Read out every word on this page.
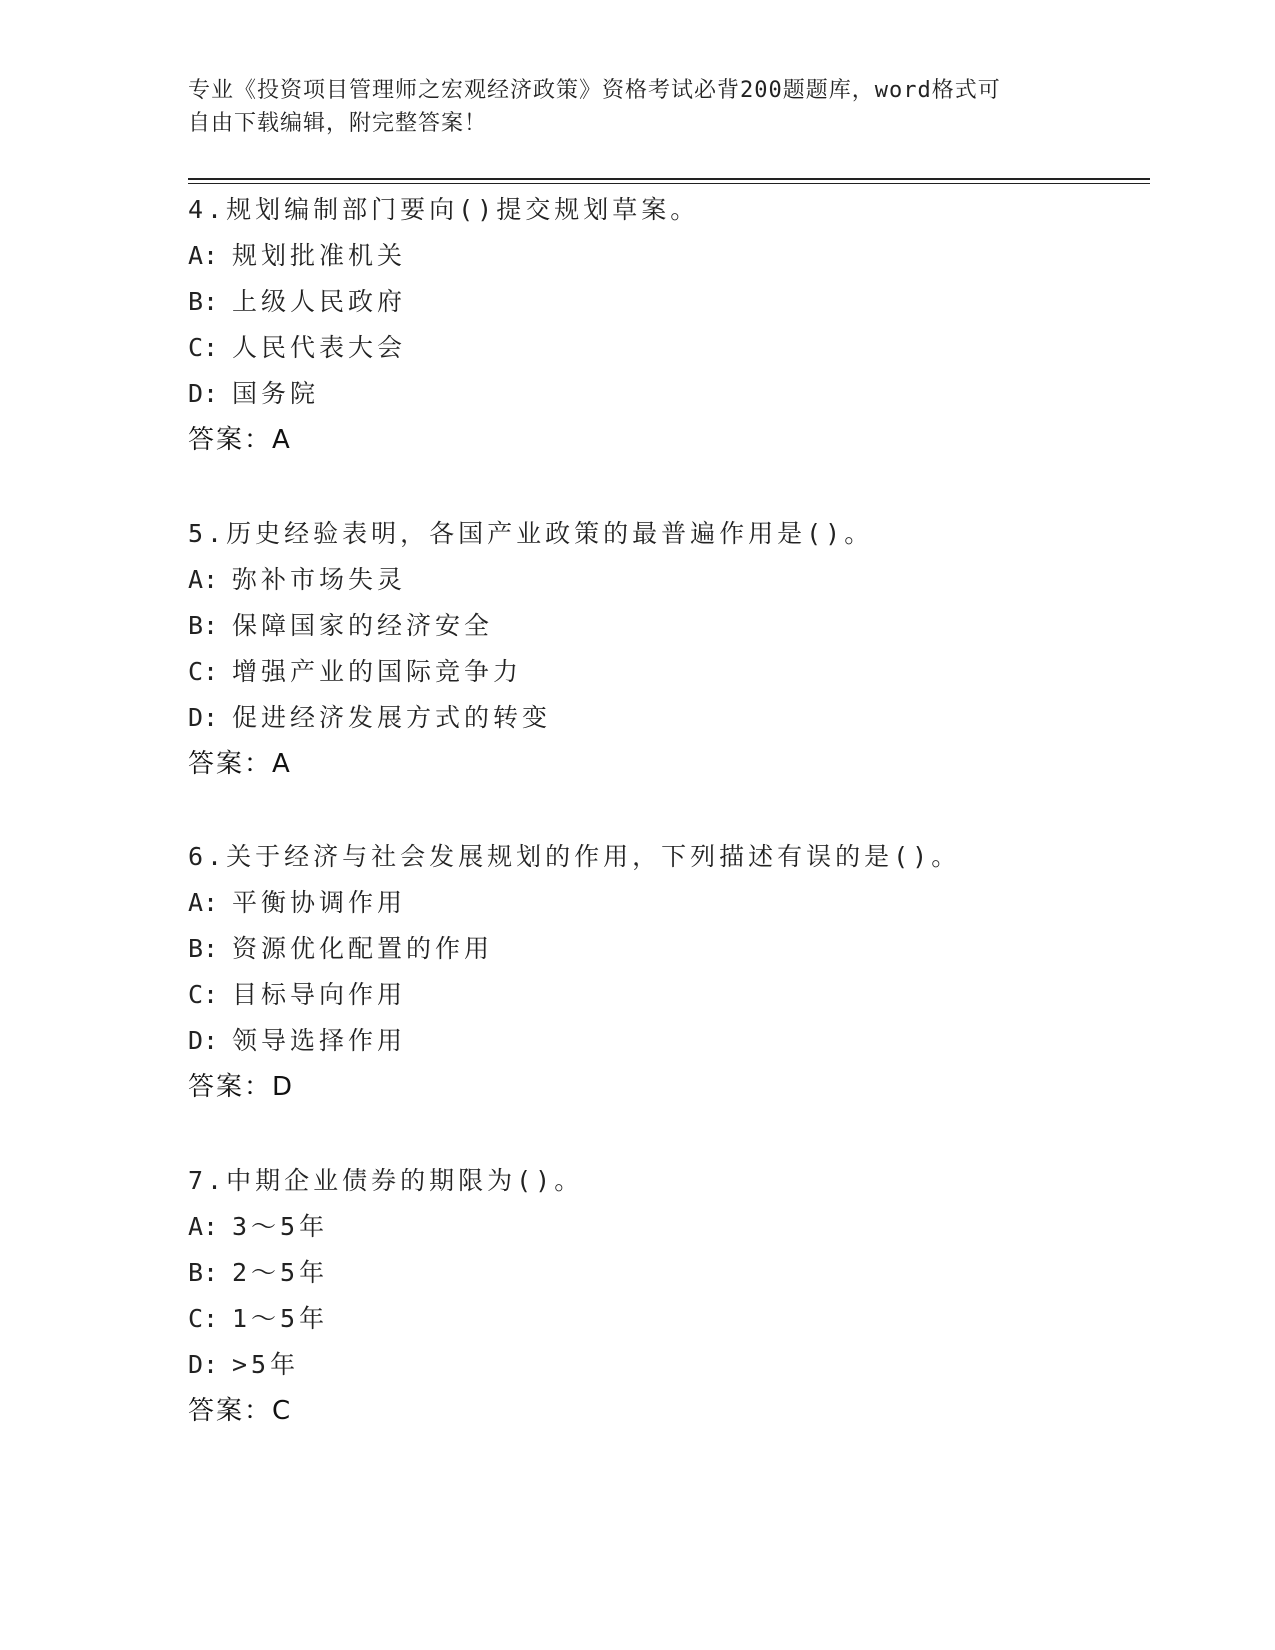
专业《投资项目管理师之宏观经济政策》资格考试必背200题题库，word格式可
自由下载编辑，附完整答案！
4.规划编制部门要向()提交规划草案。
A: 规划批准机关
B: 上级人民政府
C: 人民代表大会
D: 国务院
答案：A
5.历史经验表明，各国产业政策的最普遍作用是()。
A: 弥补市场失灵
B: 保障国家的经济安全
C: 增强产业的国际竞争力
D: 促进经济发展方式的转变
答案：A
6.关于经济与社会发展规划的作用，下列描述有误的是()。
A: 平衡协调作用
B: 资源优化配置的作用
C: 目标导向作用
D: 领导选择作用
答案：D
7.中期企业债券的期限为()。
A: 3～5年
B: 2～5年
C: 1～5年
D: >5年
答案：C
